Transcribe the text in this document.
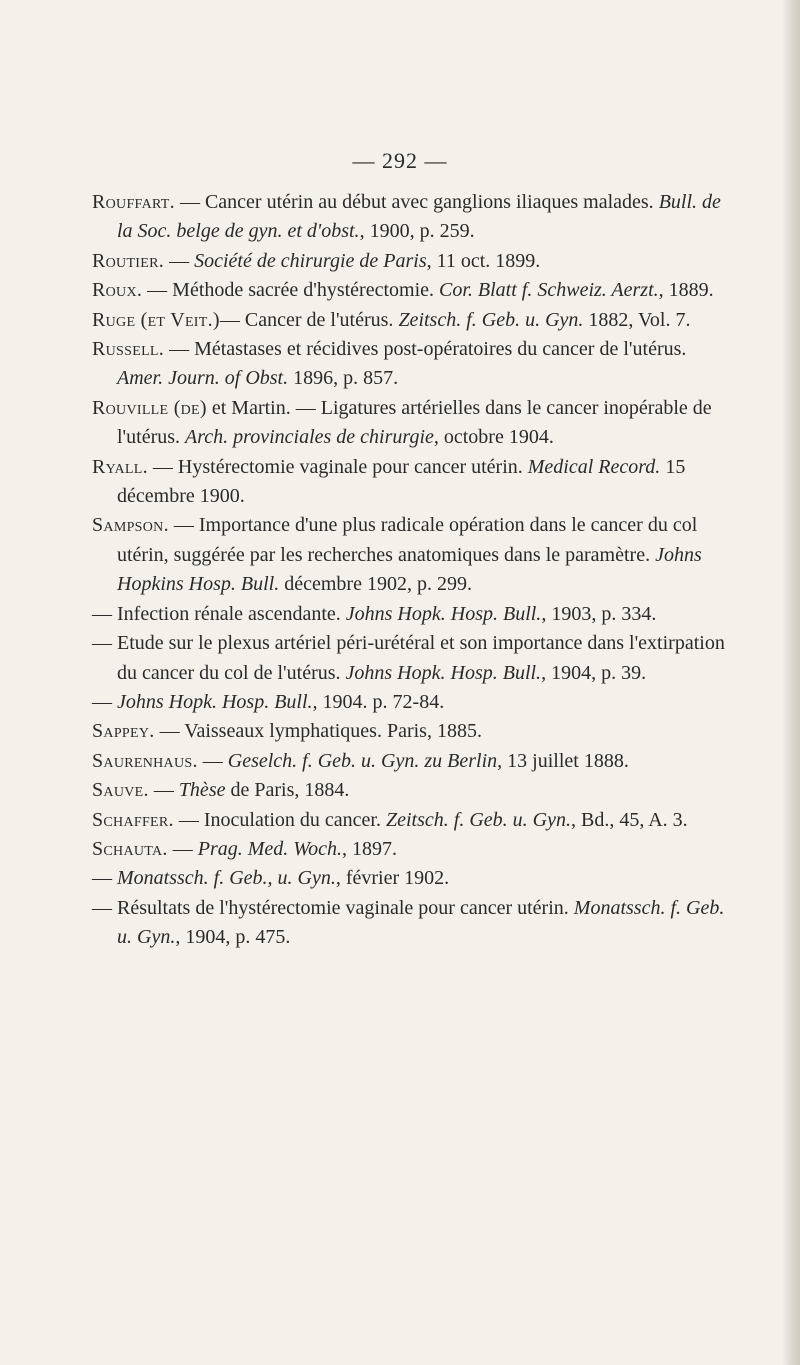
— 292 —

Rouffart. — Cancer utérin au début avec ganglions iliaques malades. Bull. de la Soc. belge de gyn. et d'obst., 1900, p. 259.

Routier. — Société de chirurgie de Paris, 11 oct. 1899.

Roux. — Méthode sacrée d'hystérectomie. Cor. Blatt f. Schweiz. Aerzt., 1889.

Ruge (et Veit.)— Cancer de l'utérus. Zeitsch. f. Geb. u. Gyn. 1882, Vol. 7.

Russell. — Métastases et récidives post-opératoires du cancer de l'utérus. Amer. Journ. of Obst. 1896, p. 857.

Rouville (de) et Martin. — Ligatures artérielles dans le cancer inopérable de l'utérus. Arch. provinciales de chirurgie, octobre 1904.

Ryall. — Hystérectomie vaginale pour cancer utérin. Medical Record. 15 décembre 1900.

Sampson. — Importance d'une plus radicale opération dans le cancer du col utérin, suggérée par les recherches anatomiques dans le paramètre. Johns Hopkins Hosp. Bull. décembre 1902, p. 299.

— Infection rénale ascendante. Johns Hopk. Hosp. Bull., 1903, p. 334.

— Etude sur le plexus artériel péri-urétéral et son importance dans l'extirpation du cancer du col de l'utérus. Johns Hopk. Hosp. Bull., 1904, p. 39.

— Johns Hopk. Hosp. Bull., 1904. p. 72-84.

Sappey. — Vaisseaux lymphatiques. Paris, 1885.

Saurenhaus. — Geselch. f. Geb. u. Gyn. zu Berlin, 13 juillet 1888.

Sauve. — Thèse de Paris, 1884.

Schaffer. — Inoculation du cancer. Zeitsch. f. Geb. u. Gyn., Bd., 45, A. 3.

Schauta. — Prag. Med. Woch., 1897.

— Monatssch. f. Geb., u. Gyn., février 1902.

— Résultats de l'hystérectomie vaginale pour cancer utérin. Monatssch. f. Geb. u. Gyn., 1904, p. 475.
